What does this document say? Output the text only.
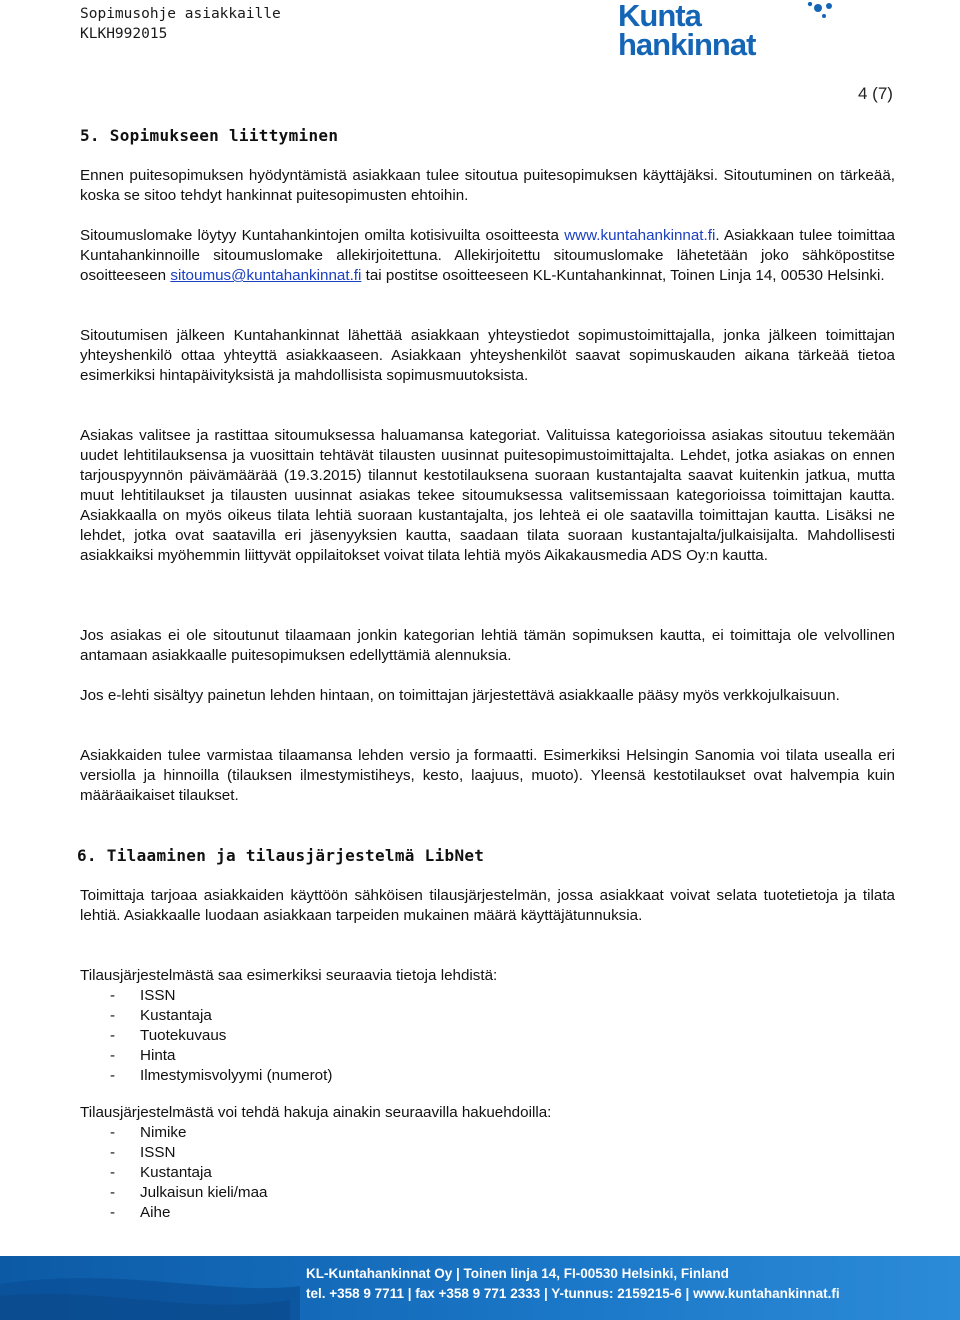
Sopimusohje asiakkaille
KLKH992015
Kunta
hankinnat
4 (7)
5. Sopimukseen liittyminen

Ennen puitesopimuksen hyödyntämistä asiakkaan tulee sitoutua puitesopimuksen käyttäjäksi. Sitoutuminen on tärkeää, koska se sitoo tehdyt hankinnat puitesopimusten ehtoihin.

Sitoumuslomake löytyy Kuntahankintojen omilta kotisivuilta osoitteesta www.kuntahankinnat.fi. Asiakkaan tulee toimittaa Kuntahankinnoille sitoumuslomake allekirjoitettuna. Allekirjoitettu sitoumuslomake lähetetään joko sähköpostitse osoitteeseen sitoumus@kuntahankinnat.fi tai postitse osoitteeseen KL-Kuntahankinnat, Toinen Linja 14, 00530 Helsinki.

Sitoutumisen jälkeen Kuntahankinnat lähettää asiakkaan yhteystiedot sopimustoimittajalla, jonka jälkeen toimittajan yhteyshenkilö ottaa yhteyttä asiakkaaseen. Asiakkaan yhteyshenkilöt saavat sopimuskauden aikana tärkeää tietoa esimerkiksi hintapäivityksistä ja mahdollisista sopimusmuutoksista.

Asiakas valitsee ja rastittaa sitoumuksessa haluamansa kategoriat. Valituissa kategorioissa asiakas sitoutuu tekemään uudet lehtitilauksensa ja vuosittain tehtävät tilausten uusinnat puitesopimustoimittajalta. Lehdet, jotka asiakas on ennen tarjouspyynnön päivämäärää (19.3.2015) tilannut kestotilauksena suoraan kustantajalta saavat kuitenkin jatkua, mutta muut lehtitilaukset ja tilausten uusinnat asiakas tekee sitoumuksessa valitsemissaan kategorioissa toimittajan kautta. Asiakkaalla on myös oikeus tilata lehtiä suoraan kustantajalta, jos lehteä ei ole saatavilla toimittajan kautta. Lisäksi ne lehdet, jotka ovat saatavilla eri jäsenyyksien kautta, saadaan tilata suoraan kustantajalta/julkaisijalta. Mahdollisesti asiakkaiksi myöhemmin liittyvät oppilaitokset voivat tilata lehtiä myös Aikakausmedia ADS Oy:n kautta.

Jos asiakas ei ole sitoutunut tilaamaan jonkin kategorian lehtiä tämän sopimuksen kautta, ei toimittaja ole velvollinen antamaan asiakkaalle puitesopimuksen edellyttämiä alennuksia.

Jos e-lehti sisältyy painetun lehden hintaan, on toimittajan järjestettävä asiakkaalle pääsy myös verkkojulkaisuun.

Asiakkaiden tulee varmistaa tilaamansa lehden versio ja formaatti. Esimerkiksi Helsingin Sanomia voi tilata usealla eri versiolla ja hinnoilla (tilauksen ilmestymistiheys, kesto, laajuus, muoto). Yleensä kestotilaukset ovat halvempia kuin määräaikaiset tilaukset.

6. Tilaaminen ja tilausjärjestelmä LibNet

Toimittaja tarjoaa asiakkaiden käyttöön sähköisen tilausjärjestelmän, jossa asiakkaat voivat selata tuotetietoja ja tilata lehtiä. Asiakkaalle luodaan asiakkaan tarpeiden mukainen määrä käyttäjätunnuksia.

Tilausjärjestelmästä saa esimerkiksi seuraavia tietoja lehdistä:

- ISSN
- Kustantaja
- Tuotekuvaus
- Hinta
- Ilmestymisvolyymi (numerot)

Tilausjärjestelmästä voi tehdä hakuja ainakin seuraavilla hakuehdoilla:

- Nimike
- ISSN
- Kustantaja
- Julkaisun kieli/maa
- Aihe
KL-Kuntahankinnat Oy | Toinen linja 14, FI-00530 Helsinki, Finland
tel. +358 9 7711 | fax +358 9 771 2333 | Y-tunnus: 2159215-6 | www.kuntahankinnat.fi
